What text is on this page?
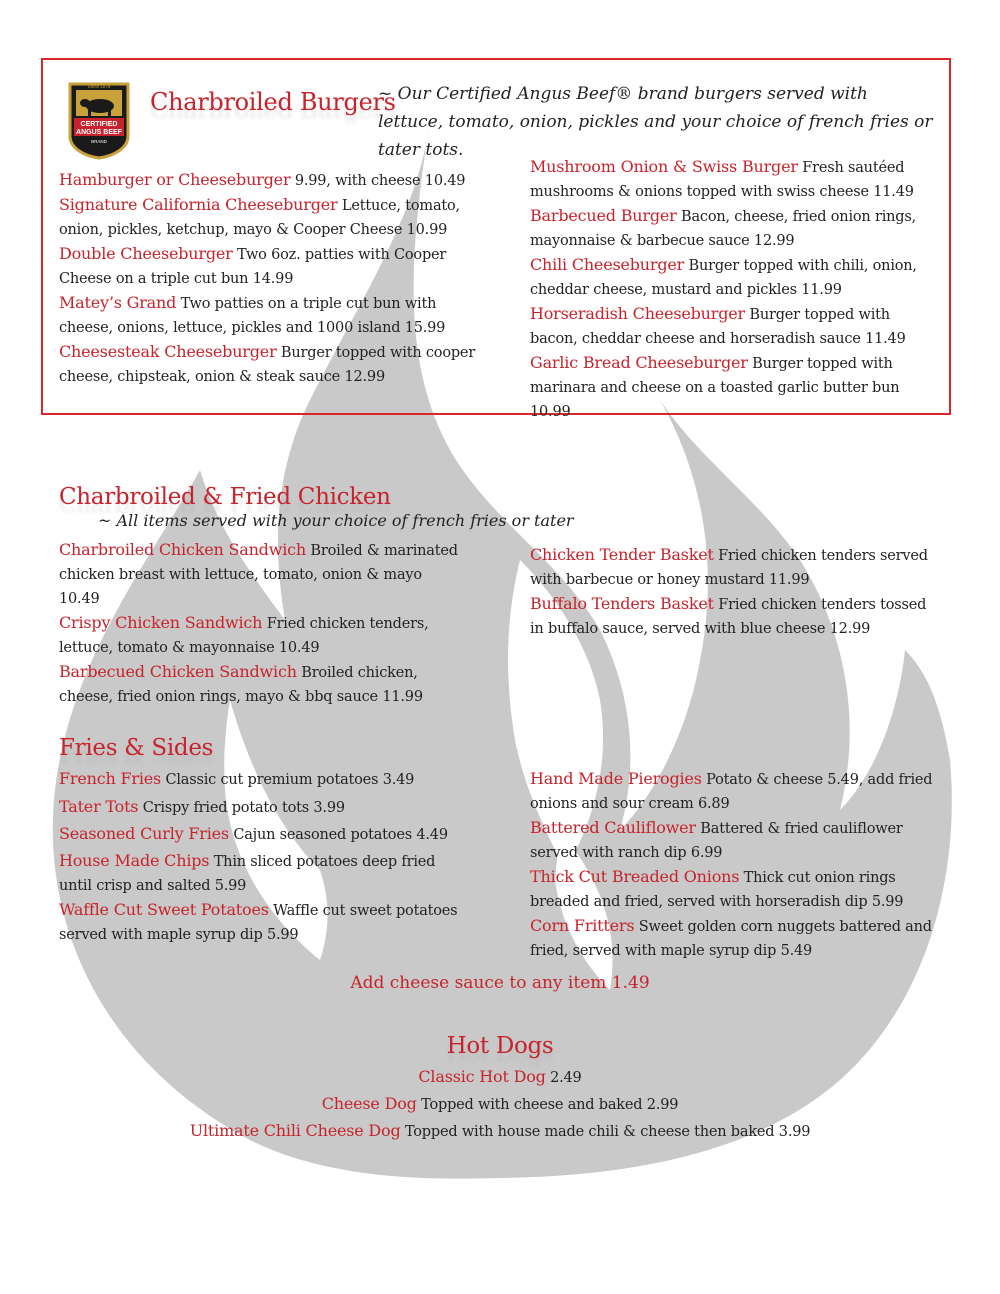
CERTIFIED
ANGUS BEEF
Since 1978
BRAND
Charbroiled Burgers
~ Our Certified Angus Beef® brand burgers served with lettuce, tomato, onion, pickles and your choice of french fries or tater tots.
Hamburger or Cheeseburger 9.99, with cheese 10.49
Signature California Cheeseburger Lettuce, tomato, onion, pickles, ketchup, mayo & Cooper Cheese 10.99
Double Cheeseburger Two 6oz. patties with Cooper Cheese on a triple cut bun 14.99
Matey’s Grand Two patties on a triple cut bun with cheese, onions, lettuce, pickles and 1000 island 15.99
Cheesesteak Cheeseburger Burger topped with cooper cheese, chipsteak, onion & steak sauce 12.99
Mushroom Onion & Swiss Burger Fresh sautéed mushrooms & onions topped with swiss cheese 11.49
Barbecued Burger Bacon, cheese, fried onion rings, mayonnaise & barbecue sauce 12.99
Chili Cheeseburger Burger topped with chili, onion, cheddar cheese, mustard and pickles 11.99
Horseradish Cheeseburger Burger topped with bacon, cheddar cheese and horseradish sauce 11.49
Garlic Bread Cheeseburger Burger topped with marinara and cheese on a toasted garlic butter bun 10.99
Charbroiled & Fried Chicken
~ All items served with your choice of french fries or tater
Charbroiled Chicken Sandwich Broiled & marinated chicken breast with lettuce, tomato, onion & mayo 10.49
Crispy Chicken Sandwich Fried chicken tenders, lettuce, tomato & mayonnaise 10.49
Barbecued Chicken Sandwich Broiled chicken, cheese, fried onion rings, mayo & bbq sauce 11.99
Chicken Tender Basket Fried chicken tenders served with barbecue or honey mustard 11.99
Buffalo Tenders Basket Fried chicken tenders tossed in buffalo sauce, served with blue cheese 12.99
Fries & Sides
French Fries Classic cut premium potatoes 3.49
Tater Tots Crispy fried potato tots 3.99
Seasoned Curly Fries Cajun seasoned potatoes 4.49
House Made Chips Thin sliced potatoes deep fried until crisp and salted 5.99
Waffle Cut Sweet Potatoes Waffle cut sweet potatoes served with maple syrup dip 5.99
Hand Made Pierogies Potato & cheese 5.49, add fried onions and sour cream 6.89
Battered Cauliflower Battered & fried cauliflower served with ranch dip 6.99
Thick Cut Breaded Onions Thick cut onion rings breaded and fried, served with horseradish dip 5.99
Corn Fritters Sweet golden corn nuggets battered and fried, served with maple syrup dip 5.49
Add cheese sauce to any item 1.49
Hot Dogs
Classic Hot Dog 2.49
Cheese Dog Topped with cheese and baked 2.99
Ultimate Chili Cheese Dog Topped with house made chili & cheese then baked 3.99
